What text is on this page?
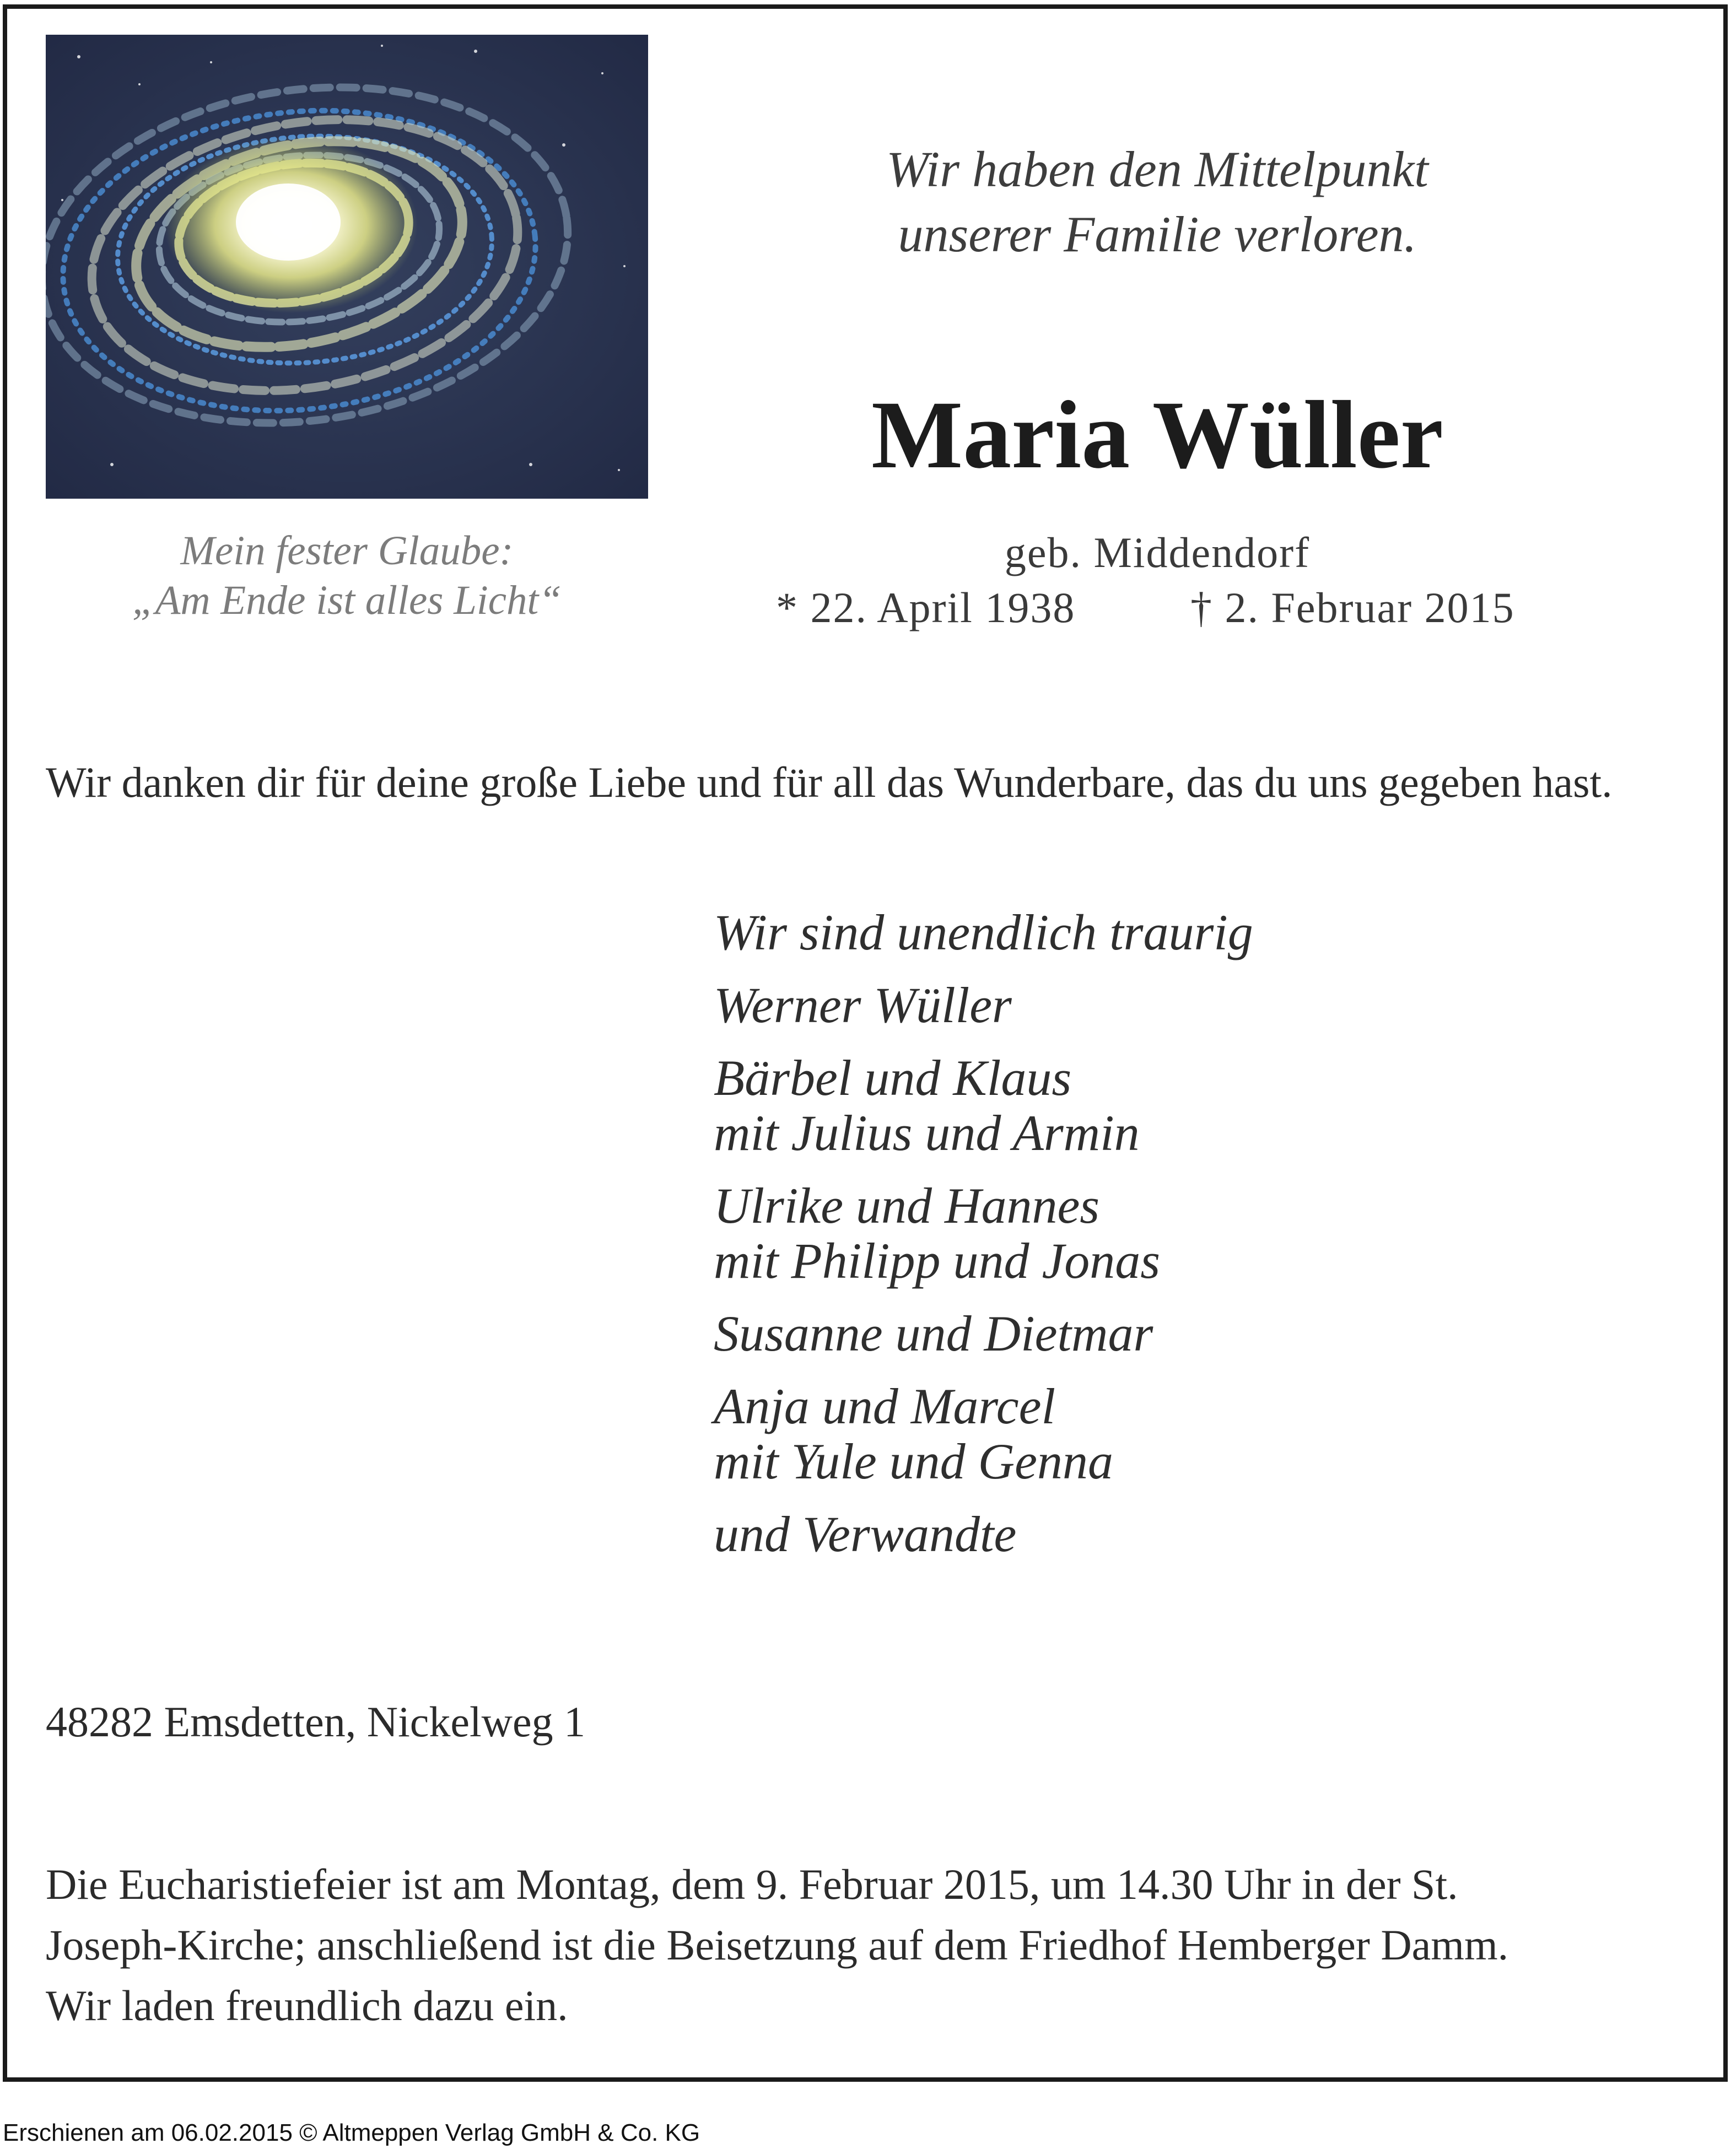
Mein fester Glaube:

„Am Ende ist alles Licht“

Wir haben den Mittelpunkt

unserer Familie verloren.

Maria Wüller

geb. Middendorf

* 22. April 1938	† 2. Februar 2015

Wir danken dir für deine große Liebe und für all das Wunderbare, das du uns gegeben hast.

Wir sind unendlich traurig

Werner Wüller

Bärbel und Klaus
mit Julius und Armin

Ulrike und Hannes
mit Philipp und Jonas

Susanne und Dietmar

Anja und Marcel
mit Yule und Genna

und Verwandte

48282 Emsdetten, Nickelweg 1

Die Eucharistiefeier ist am Montag, dem 9. Februar 2015, um 14.30 Uhr in der St.
Joseph-Kirche; anschließend ist die Beisetzung auf dem Friedhof Hemberger Damm.
Wir laden freundlich dazu ein.

Erschienen am 06.02.2015 © Altmeppen Verlag GmbH & Co. KG
